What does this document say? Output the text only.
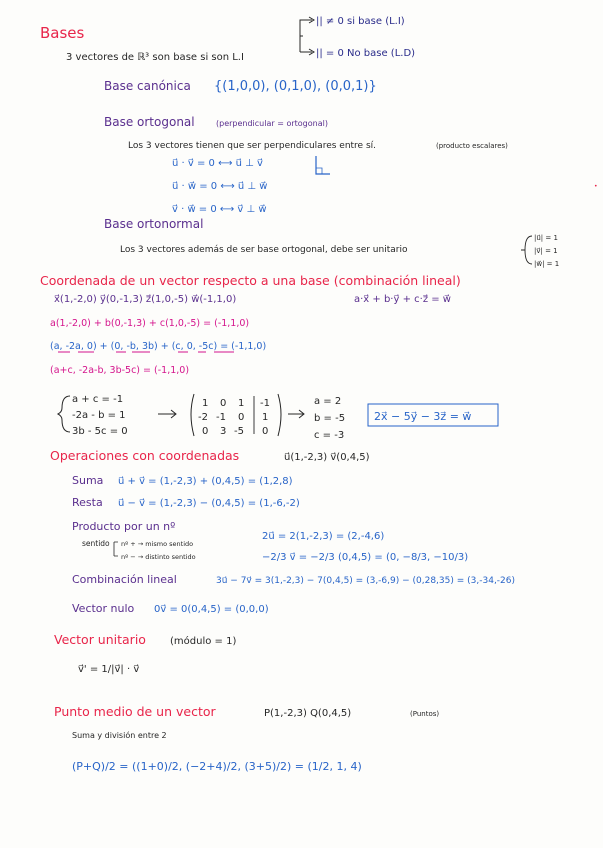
Bases
3 vectores de ℝ³ son base si son L.I
|| ≠ 0 si base (L.I)
|| = 0 No base (L.D)
Base canónica {(1,0,0), (0,1,0), (0,0,1)}
Base ortogonal	(perpendicular = ortogonal)
Los 3 vectores tienen que ser perpendiculares entre sí.	(producto escalares)
u⃗ · v⃗ = 0 ⟷ u⃗ ⊥ v⃗
u⃗ · w⃗ = 0 ⟷ u⃗ ⊥ w⃗
v⃗ · w⃗ = 0 ⟷ v⃗ ⊥ w⃗
•
Base ortonormal
Los 3 vectores además de ser base ortogonal, debe ser unitario
|u⃗| = 1
|v⃗| = 1
|w⃗| = 1
Coordenada de un vector respecto a una base (combinación lineal)
x⃗(1,-2,0) y⃗(0,-1,3) z⃗(1,0,-5) w⃗(-1,1,0)	a·x⃗ + b·y⃗ + c·z⃗ = w⃗
a(1,-2,0) + b(0,-1,3) + c(1,0,-5) = (-1,1,0)
(a, -2a, 0) + (0, -b, 3b) + (c, 0, -5c) = (-1,1,0)
(a+c, -2a-b, 3b-5c) = (-1,1,0)
a + c = -1
-2a - b = 1
3b - 5c = 0
1 0 1 -1
-2 -1 0 1
0 3 -5 0
a = 2
b = -5
c = -3
2x⃗ − 5y⃗ − 3z⃗ = w⃗
Operaciones con coordenadas	u⃗(1,-2,3) v⃗(0,4,5)
Suma u⃗ + v⃗ = (1,-2,3) + (0,4,5) = (1,2,8)
Resta u⃗ − v⃗ = (1,-2,3) − (0,4,5) = (1,-6,-2)
Producto por un nº
sentido nº + → mismo sentido
nº − → distinto sentido
2u⃗ = 2(1,-2,3) = (2,-4,6)
−2/3 v⃗ = −2/3 (0,4,5) = (0, −8/3, −10/3)
Combinación lineal	3u⃗ − 7v⃗ = 3(1,-2,3) − 7(0,4,5) = (3,-6,9) − (0,28,35) = (3,-34,-26)
Vector nulo 0v⃗ = 0(0,4,5) = (0,0,0)
Vector unitario (módulo = 1)
v⃗' = 1/|v⃗| · v⃗
Punto medio de un vector	P(1,-2,3) Q(0,4,5)	(Puntos)
Suma y división entre 2
(P+Q)/2 = ((1+0)/2, (−2+4)/2, (3+5)/2) = (1/2, 1, 4)
